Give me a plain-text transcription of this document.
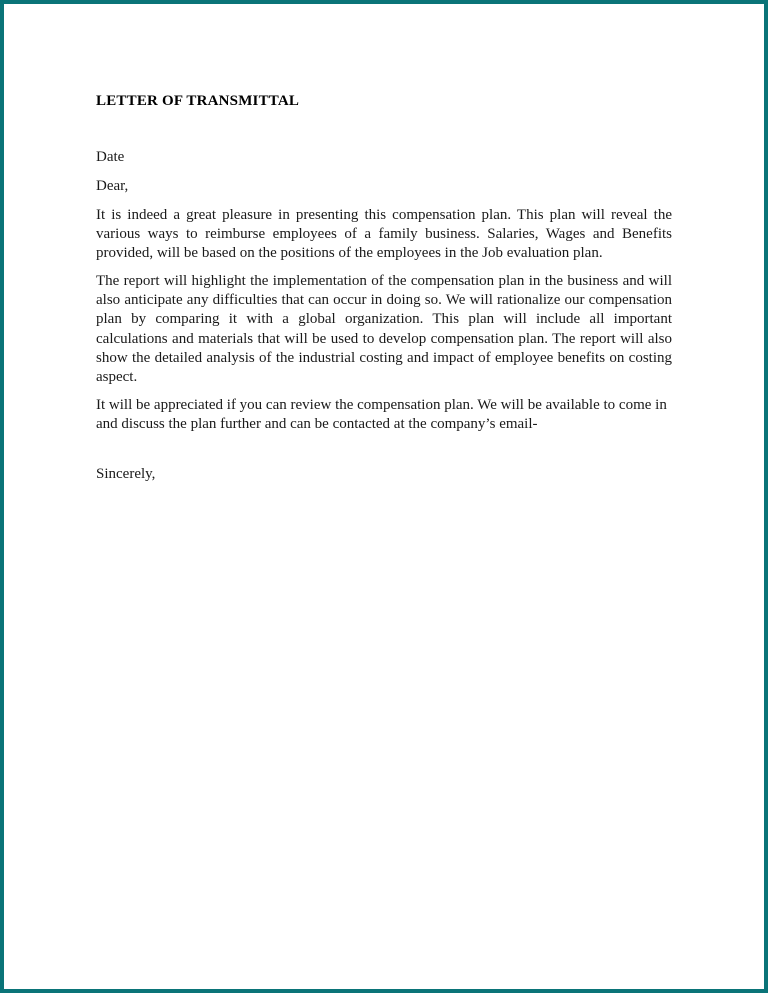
LETTER OF TRANSMITTAL
Date
Dear,

It is indeed a great pleasure in presenting this compensation plan. This plan will reveal the various ways to reimburse employees of a family business. Salaries, Wages and Benefits provided, will be based on the positions of the employees in the Job evaluation plan.

The report will highlight the implementation of the compensation plan in the business and will also anticipate any difficulties that can occur in doing so. We will rationalize our compensation plan by comparing it with a global organization. This plan will include all important calculations and materials that will be used to develop compensation plan. The report will also show the detailed analysis of the industrial costing and impact of employee benefits on costing aspect.

It will be appreciated if you can review the compensation plan. We will be available to come in and discuss the plan further and can be contacted at the company’s email-

Sincerely,
